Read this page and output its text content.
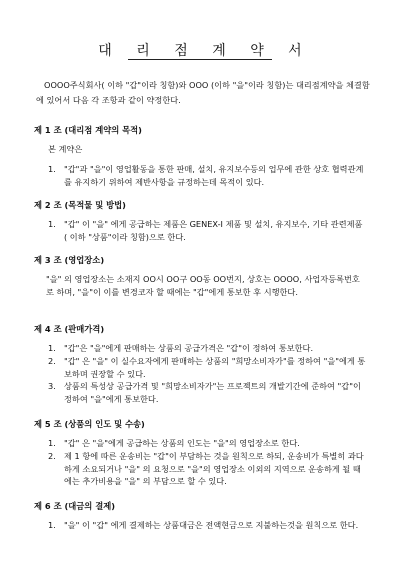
대 리 점 계 약 서
OOOO주식회사( 이하 "갑"이라 칭함)와 OOO (이하 "을"이라 칭함)는 대리점계약을 체결함에 있어서 다음 각 조항과 같이 약정한다.
제 1 조 (대리점 계약의 목적)
본 계약은
1. "갑"과 "을"이 영업활동을 통한 판매, 설치, 유지보수등의 업무에 관한 상호 협력관계를 유지하기 위하여 제반사항을 규정하는데 목적이 있다.
제 2 조 (목적물 및 방법)
1. "갑" 이 "을" 에게 공급하는 제품은 GENEX-I 제품 및 설치, 유지보수, 기타 관련제품 ( 이하 "상품"이라 칭함)으로 한다.
제 3 조 (영업장소)
"을" 의 영업장소는 소재지 OO시 OO구 OO동 OO번지, 상호는 OOOO, 사업자등록번호              로 하며, "을"이 이를 변경코자 할 때에는 "갑"에게 통보한 후 시행한다.
제 4 조 (판매가격)
1. "갑"은 "을"에게 판매하는 상품의 공급가격은 "갑"이 정하여 통보한다.
2. "갑" 은 "을" 이 실수요자에게 판매하는 상품의 "희망소비자가"를 정하여 "을"에게 통보하며 권장할 수 있다.
3. 상품의 특성상 공급가격 및 "희망소비자가"는 프로젝트의 개발기간에 준하여 "갑"이 정하여 "을"에게 통보한다.
제 5 조 (상품의 인도 및 수송)
1. "갑" 은 "을"에게 공급하는 상품의 인도는 "을"의 영업장소로 한다.
2. 제 1 항에 따른 운송비는 "갑"이 부담하는 것을 원칙으로 하되, 운송비가 특별히 과다하게 소요되거나 "을" 의 요청으로 "을"의 영업장소 이외의 지역으로 운송하게 될 때에는 추가비용을 "을" 의 부담으로 할 수 있다.
제 6 조 (대금의 결제)
1. "을" 이 "갑" 에게 결제하는 상품대금은 전액현금으로 지불하는것을 원칙으로 한다.
